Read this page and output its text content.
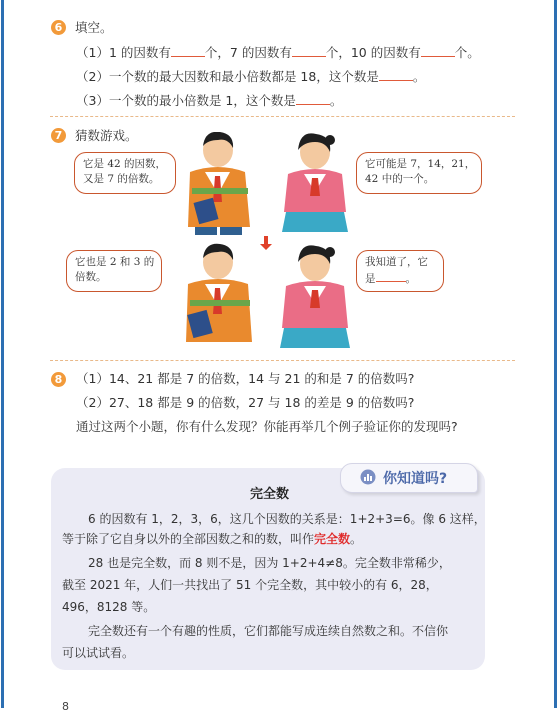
6 填空。
（1）1 的因数有	个，7 的因数有	个，10 的因数有	个。
（2）一个数的最大因数和最小倍数都是 18，这个数是	。
（3）一个数的最小倍数是 1，这个数是	。
7 猜数游戏。
它是 42 的因数，
又是 7 的倍数。
它可能是 7，14，21，
42 中的一个。
它也是 2 和 3 的
倍数。
我知道了，它
是	。
8 （1）14、21 都是 7 的倍数，14 与 21 的和是 7 的倍数吗?
（2）27、18 都是 9 的倍数，27 与 18 的差是 9 的倍数吗?
通过这两个小题，你有什么发现？你能再举几个例子验证你的发现吗?
你知道吗?
完全数
6 的因数有 1，2，3，6，这几个因数的关系是：1+2+3=6。像 6 这样，
等于除了它自身以外的全部因数之和的数，叫作完全数。
28 也是完全数，而 8 则不是，因为 1+2+4≠8。完全数非常稀少，
截至 2021 年，人们一共找出了 51 个完全数，其中较小的有 6，28，
496，8128 等。
完全数还有一个有趣的性质，它们都能写成连续自然数之和。不信你
可以试试看。
8
